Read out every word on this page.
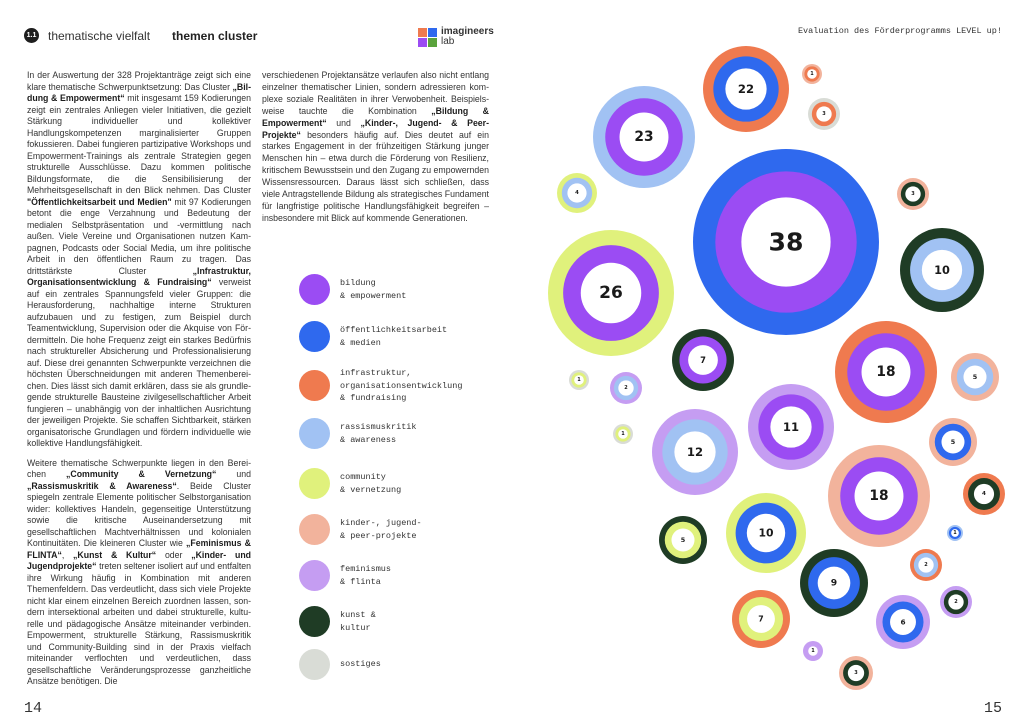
1.1 thematische vielfalt themen cluster	imagineers
lab
Evaluation des Förderprogramms LEVEL up!

In der Auswertung der 328 Projektanträge zeigt sich eine klare thematische Schwerpunktsetzung: Das Cluster „Bildung & Empowerment“ mit insgesamt 159 Kodierungen zeigt ein zentrales Anliegen vieler Initiativen, die gezielt Stärkung individueller und kollektiver Handlungskompetenzen marginalisierter Gruppen fokussieren. Dabei fungieren partizipative Workshops und Empowerment-Trainings als zentrale Strategien gegen strukturelle Ausschlüsse. Dazu kommen politische Bildungsformate, die die Sensibilisierung der Mehrheitsgesellschaft in den Blick nehmen. Das Cluster "Öffentlichkeitsarbeit und Medien" mit 97 Kodierungen betont die enge Verzahnung und Bedeutung der medialen Selbstpräsentation und -vermittlung nach außen. Viele Vereine und Organisationen nutzen Kampagnen, Podcasts oder Social Media, um ihre politische Arbeit in den öffentlichen Raum zu tragen. Das drittstärkste Cluster „Infrastruktur, Organisationsentwicklung & Fundraising“ verweist auf ein zentrales Spannungsfeld vieler Gruppen: die Herausforderung, nachhaltige interne Strukturen aufzubauen und zu festigen, zum Beispiel durch Teamentwicklung, Supervision oder die Akquise von Fördermitteln. Die hohe Frequenz zeigt ein starkes Bedürfnis nach struktureller Absicherung und Professionalisierung auf. Diese drei genannten Schwerpunkte verzeichnen die höchsten Überschneidungen mit anderen Themenbereichen. Dies lässt sich damit erklären, dass sie als grundlegende strukturelle Bausteine zivilgesellschaftlicher Arbeit fungieren – unabhängig von der inhaltlichen Ausrichtung der jeweiligen Projekte. Sie schaffen Sichtbarkeit, stärken organisatorische Grundlagen und fördern individuelle wie kollektive Handlungsfähigkeit.

Weitere thematische Schwerpunkte liegen in den Bereichen „Community & Vernetzung“ und „Rassismuskritik & Awareness“. Beide Cluster spiegeln zentrale Elemente politischer Selbstorganisation wider: kollektives Handeln, gegenseitige Unterstützung sowie die kritische Auseinandersetzung mit gesellschaftlichen Machtverhältnissen und kolonialen Kontinuitäten. Die kleineren Cluster wie „Feminismus & FLINTA“, „Kunst & Kultur“ oder „Kinder- und Jugendprojekte“ treten seltener isoliert auf und entfalten ihre Wirkung häufig in Kombination mit anderen Themenfeldern. Das verdeutlicht, dass sich viele Projekte nicht klar einem einzelnen Bereich zuordnen lassen, sondern intersektional arbeiten und dabei strukturelle, kulturelle und pädagogische Ansätze miteinander verbinden. Empowerment, strukturelle Stärkung, Rassismuskritik und Community-Building sind in der Praxis vielfach miteinander verflochten und verdeutlichen, dass gesellschaftliche Veränderungsprozesse ganzheitliche Ansätze benötigen. Die

verschiedenen Projektansätze verlaufen also nicht entlang einzelner thematischer Linien, sondern adressieren komplexe soziale Realitäten in ihrer Verwobenheit. Beispielsweise tauchte die Kombination „Bildung & Empowerment“ und „Kinder-, Jugend- & Peer-Projekte“ besonders häufig auf. Dies deutet auf ein starkes Engagement in der frühzeitigen Stärkung junger Menschen hin – etwa durch die Förderung von Resilienz, kritischem Bewusstsein und den Zugang zu empowernden Wissensressourcen. Daraus lässt sich schließen, dass viele Antragstellende Bildung als strategisches Fundament für langfristige politische Handlungsfähigkeit begreifen – insbesondere mit Blick auf kommende Generationen.

bildung
& empowerment
öffentlichkeitsarbeit
& medien
infrastruktur,
organisationsentwicklung
& fundraising
rassismuskritik
& awareness
community
& vernetzung
kinder-, jugend-
& peer-projekte
feminismus
& flinta
kunst &
kultur
sostiges
38
26
23
22
1
3
4	3
10
7
18	5
1
2
1
12
11
5
18	4
5
10	1
2
9
2
7	6
1
3
14	15
